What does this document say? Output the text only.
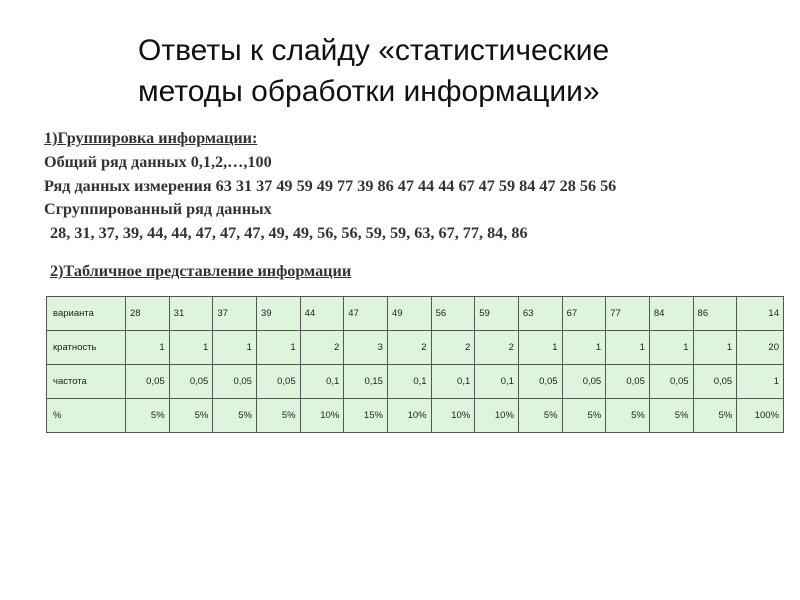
Ответы к слайду «статистические
методы обработки информации»
1)Группировка информации:
Общий ряд данных 0,1,2,…,100
Ряд данных измерения 63 31 37 49 59 49 77 39 86 47 44 44 67 47 59 84 47 28 56 56
Сгруппированный ряд данных
28, 31, 37, 39, 44, 44, 47, 47, 47, 49, 49, 56, 56, 59, 59, 63, 67, 77, 84, 86
2)Табличное представление информации
варианта	28	31	37	39	44	47	49	56	59	63	67	77	84	86	14
кратность	1	1	1	1	2	3	2	2	2	1	1	1	1	1	20
частота	0,05	0,05	0,05	0,05	0,1	0,15	0,1	0,1	0,1	0,05	0,05	0,05	0,05	0,05	1
%	5%	5%	5%	5%	10%	15%	10%	10%	10%	5%	5%	5%	5%	5%	100%
